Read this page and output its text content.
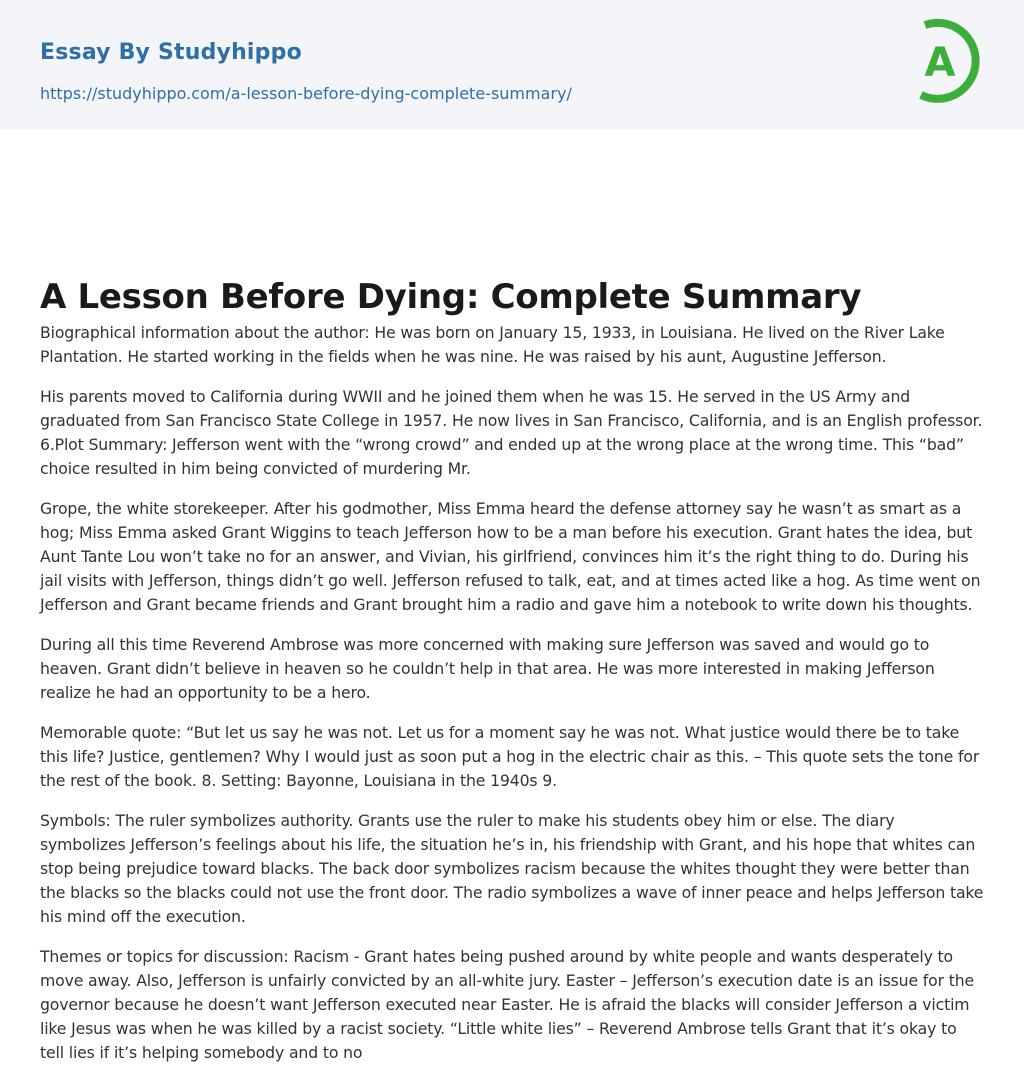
Essay By Studyhippo
https://studyhippo.com/a-lesson-before-dying-complete-summary/
A
A Lesson Before Dying: Complete Summary

Biographical information about the author: He was born on January 15, 1933, in Louisiana. He lived on the River Lake Plantation. He started working in the fields when he was nine. He was raised by his aunt, Augustine Jefferson.

His parents moved to California during WWII and he joined them when he was 15. He served in the US Army and graduated from San Francisco State College in 1957. He now lives in San Francisco, California, and is an English professor. 6.Plot Summary: Jefferson went with the “wrong crowd” and ended up at the wrong place at the wrong time. This “bad” choice resulted in him being convicted of murdering Mr.

Grope, the white storekeeper. After his godmother, Miss Emma heard the defense attorney say he wasn’t as smart as a hog; Miss Emma asked Grant Wiggins to teach Jefferson how to be a man before his execution. Grant hates the idea, but Aunt Tante Lou won’t take no for an answer, and Vivian, his girlfriend, convinces him it’s the right thing to do. During his jail visits with Jefferson, things didn’t go well. Jefferson refused to talk, eat, and at times acted like a hog. As time went on Jefferson and Grant became friends and Grant brought him a radio and gave him a notebook to write down his thoughts.

During all this time Reverend Ambrose was more concerned with making sure Jefferson was saved and would go to heaven. Grant didn’t believe in heaven so he couldn’t help in that area. He was more interested in making Jefferson realize he had an opportunity to be a hero.

Memorable quote: “But let us say he was not. Let us for a moment say he was not. What justice would there be to take this life? Justice, gentlemen? Why I would just as soon put a hog in the electric chair as this. – This quote sets the tone for the rest of the book. 8. Setting: Bayonne, Louisiana in the 1940s 9.

Symbols: The ruler symbolizes authority. Grants use the ruler to make his students obey him or else. The diary symbolizes Jefferson’s feelings about his life, the situation he’s in, his friendship with Grant, and his hope that whites can stop being prejudice toward blacks. The back door symbolizes racism because the whites thought they were better than the blacks so the blacks could not use the front door. The radio symbolizes a wave of inner peace and helps Jefferson take his mind off the execution.

Themes or topics for discussion: Racism - Grant hates being pushed around by white people and wants desperately to move away. Also, Jefferson is unfairly convicted by an all-white jury. Easter – Jefferson’s execution date is an issue for the governor because he doesn’t want Jefferson executed near Easter. He is afraid the blacks will consider Jefferson a victim like Jesus was when he was killed by a racist society. “Little white lies” – Reverend Ambrose tells Grant that it’s okay to tell lies if it’s helping somebody and to no
